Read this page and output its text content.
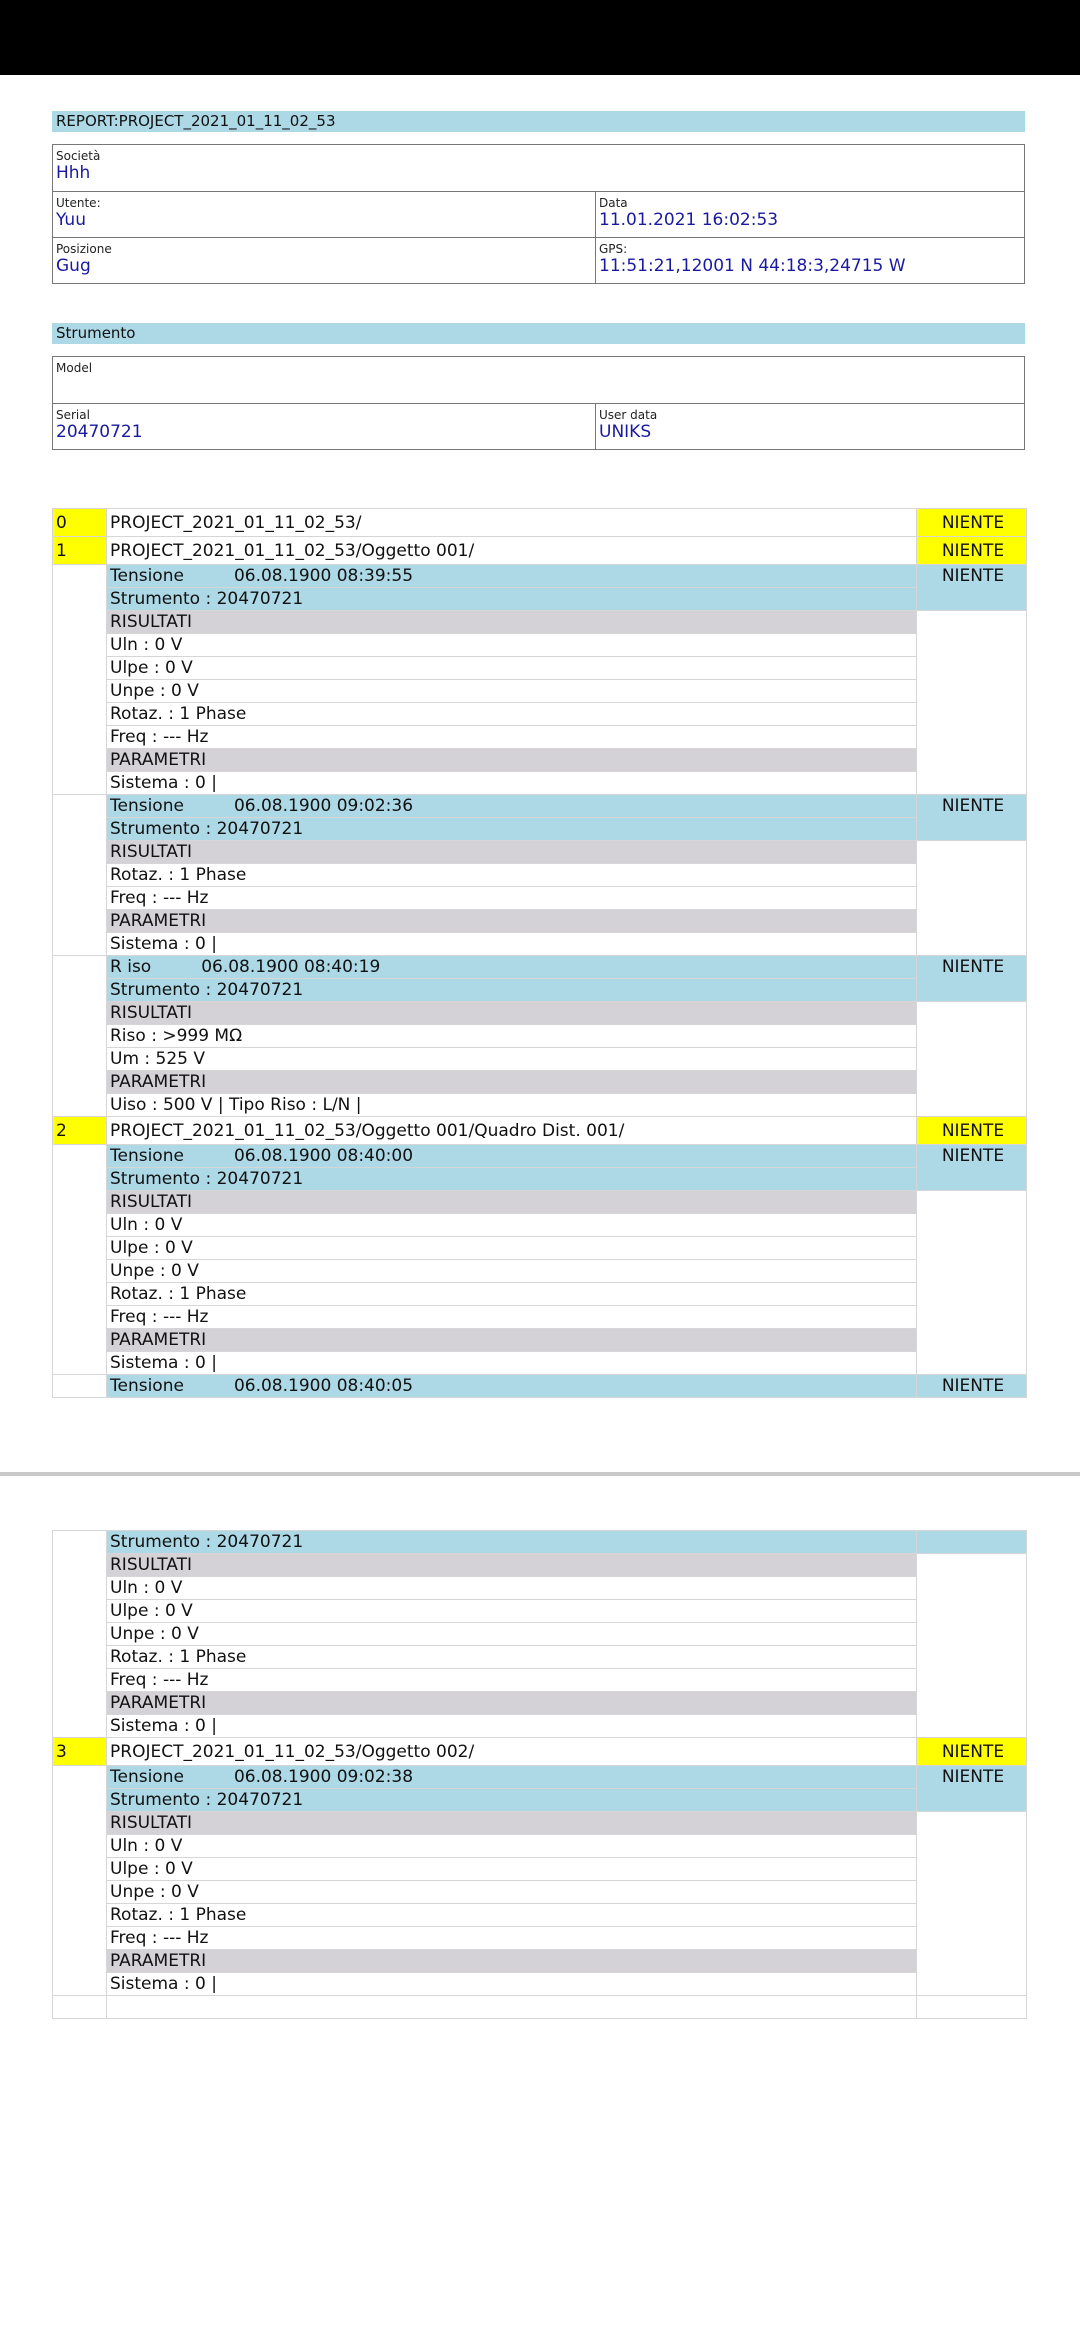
REPORT:PROJECT_2021_01_11_02_53
Società
Hhh
Utente:
Yuu
Data
11.01.2021 16:02:53
Posizione
Gug
GPS:
11:51:21,12001 N 44:18:3,24715 W
Strumento
Model
Serial
20470721
User data
UNIKS
0	PROJECT_2021_01_11_02_53/	NIENTE
1	PROJECT_2021_01_11_02_53/Oggetto 001/	NIENTE
	Tensione 06.08.1900 08:39:55	NIENTE
	Strumento : 20470721	
	RISULTATI	
	Uln : 0 V	
	Ulpe : 0 V	
	Unpe : 0 V	
	Rotaz. : 1 Phase	
	Freq : --- Hz	
	PARAMETRI	
	Sistema : 0 |	
	Tensione 06.08.1900 09:02:36	NIENTE
	Strumento : 20470721	
	RISULTATI	
	Rotaz. : 1 Phase	
	Freq : --- Hz	
	PARAMETRI	
	Sistema : 0 |	
	R iso 06.08.1900 08:40:19	NIENTE
	Strumento : 20470721	
	RISULTATI	
	Riso : >999 MΩ	
	Um : 525 V	
	PARAMETRI	
	Uiso : 500 V | Tipo Riso : L/N |	
2	PROJECT_2021_01_11_02_53/Oggetto 001/Quadro Dist. 001/	NIENTE
	Tensione 06.08.1900 08:40:00	NIENTE
	Strumento : 20470721	
	RISULTATI	
	Uln : 0 V	
	Ulpe : 0 V	
	Unpe : 0 V	
	Rotaz. : 1 Phase	
	Freq : --- Hz	
	PARAMETRI	
	Sistema : 0 |	
	Tensione 06.08.1900 08:40:05	NIENTE
	Strumento : 20470721	
	RISULTATI	
	Uln : 0 V	
	Ulpe : 0 V	
	Unpe : 0 V	
	Rotaz. : 1 Phase	
	Freq : --- Hz	
	PARAMETRI	
	Sistema : 0 |	
3	PROJECT_2021_01_11_02_53/Oggetto 002/	NIENTE
	Tensione 06.08.1900 09:02:38	NIENTE
	Strumento : 20470721	
	RISULTATI	
	Uln : 0 V	
	Ulpe : 0 V	
	Unpe : 0 V	
	Rotaz. : 1 Phase	
	Freq : --- Hz	
	PARAMETRI	
	Sistema : 0 |	
